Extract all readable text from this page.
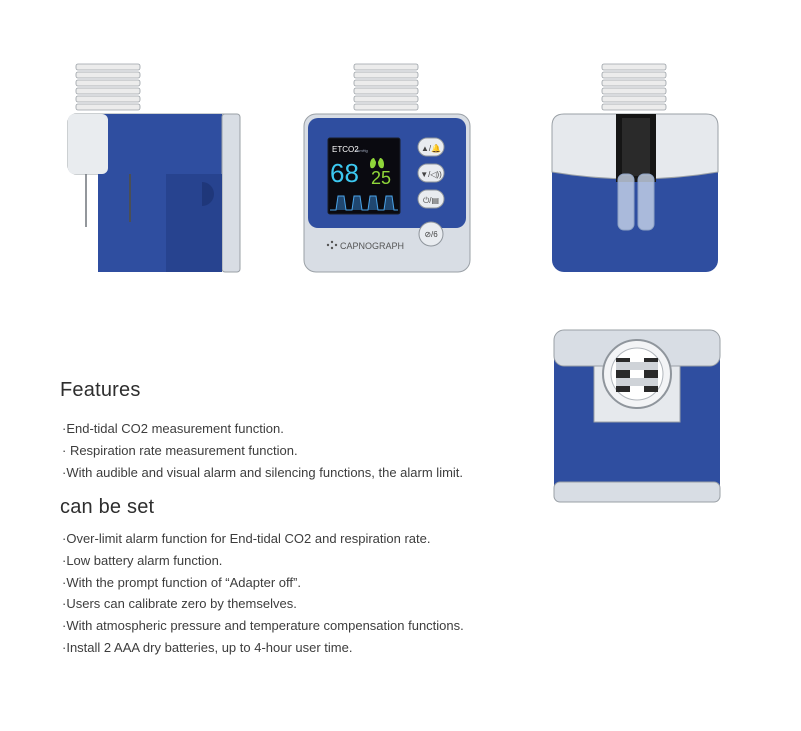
ETCO2
mmHg
68 25
▲/🔔
▼/◁))
⏻/▤
⊘/6
CAPNOGRAPH
Features
·End-tidal CO2 measurement function.
· Respiration rate measurement function.
·With audible and visual alarm and silencing functions, the alarm limit.
can be set
·Over-limit alarm function for End-tidal CO2 and respiration rate.
·Low battery alarm function.
·With the prompt function of “Adapter off”.
·Users can calibrate zero by themselves.
·With atmospheric pressure and temperature compensation functions.
·Install 2 AAA dry batteries, up to 4-hour user time.
